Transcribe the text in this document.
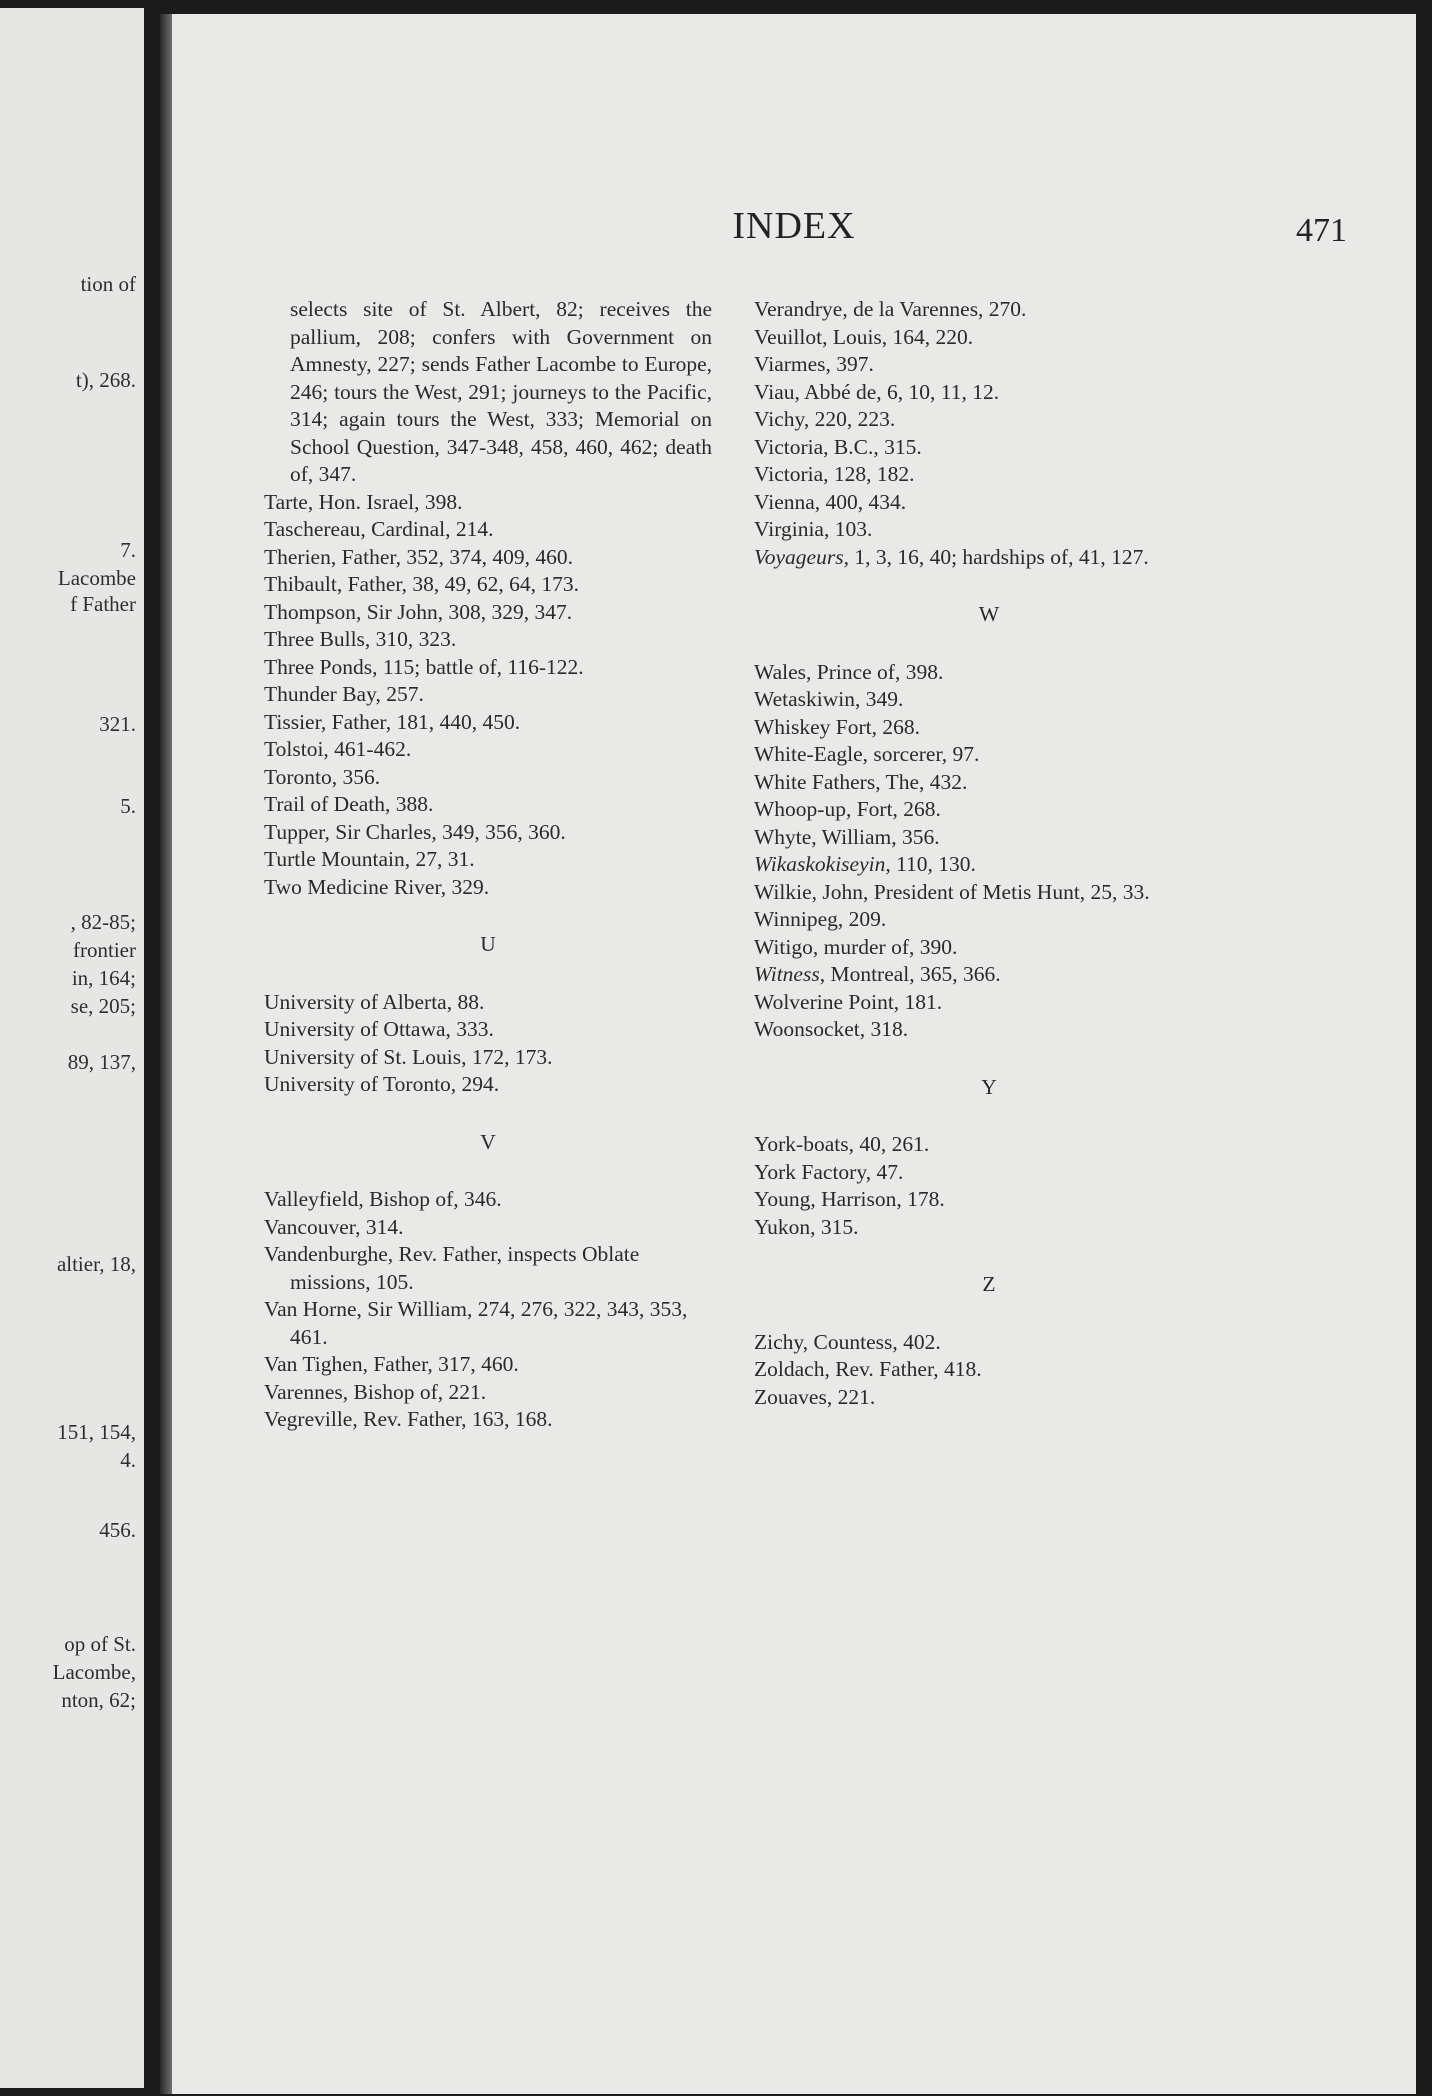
tion of
t), 268.
7.
Lacombe
f Father
321.
5.
, 82-85;
frontier
in, 164;
se, 205;
89, 137,
altier, 18,
151, 154,
4.
456.
op of St.
Lacombe,
nton, 62;
INDEX	471
selects site of St. Albert, 82; receives the pallium, 208; confers with Government on Amnesty, 227; sends Father Lacombe to Europe, 246; tours the West, 291; journeys to the Pacific, 314; again tours the West, 333; Memorial on School Question, 347-348, 458, 460, 462; death of, 347.
Tarte, Hon. Israel, 398.
Taschereau, Cardinal, 214.
Therien, Father, 352, 374, 409, 460.
Thibault, Father, 38, 49, 62, 64, 173.
Thompson, Sir John, 308, 329, 347.
Three Bulls, 310, 323.
Three Ponds, 115; battle of, 116-122.
Thunder Bay, 257.
Tissier, Father, 181, 440, 450.
Tolstoi, 461-462.
Toronto, 356.
Trail of Death, 388.
Tupper, Sir Charles, 349, 356, 360.
Turtle Mountain, 27, 31.
Two Medicine River, 329.
U
University of Alberta, 88.
University of Ottawa, 333.
University of St. Louis, 172, 173.
University of Toronto, 294.
V
Valleyfield, Bishop of, 346.
Vancouver, 314.
Vandenburghe, Rev. Father, inspects Oblate missions, 105.
Van Horne, Sir William, 274, 276, 322, 343, 353, 461.
Van Tighen, Father, 317, 460.
Varennes, Bishop of, 221.
Vegreville, Rev. Father, 163, 168.
Verandrye, de la Varennes, 270.
Veuillot, Louis, 164, 220.
Viarmes, 397.
Viau, Abbé de, 6, 10, 11, 12.
Vichy, 220, 223.
Victoria, B.C., 315.
Victoria, 128, 182.
Vienna, 400, 434.
Virginia, 103.
Voyageurs, 1, 3, 16, 40; hardships of, 41, 127.
W
Wales, Prince of, 398.
Wetaskiwin, 349.
Whiskey Fort, 268.
White-Eagle, sorcerer, 97.
White Fathers, The, 432.
Whoop-up, Fort, 268.
Whyte, William, 356.
Wikaskokiseyin, 110, 130.
Wilkie, John, President of Metis Hunt, 25, 33.
Winnipeg, 209.
Witigo, murder of, 390.
Witness, Montreal, 365, 366.
Wolverine Point, 181.
Woonsocket, 318.
Y
York-boats, 40, 261.
York Factory, 47.
Young, Harrison, 178.
Yukon, 315.
Z
Zichy, Countess, 402.
Zoldach, Rev. Father, 418.
Zouaves, 221.
